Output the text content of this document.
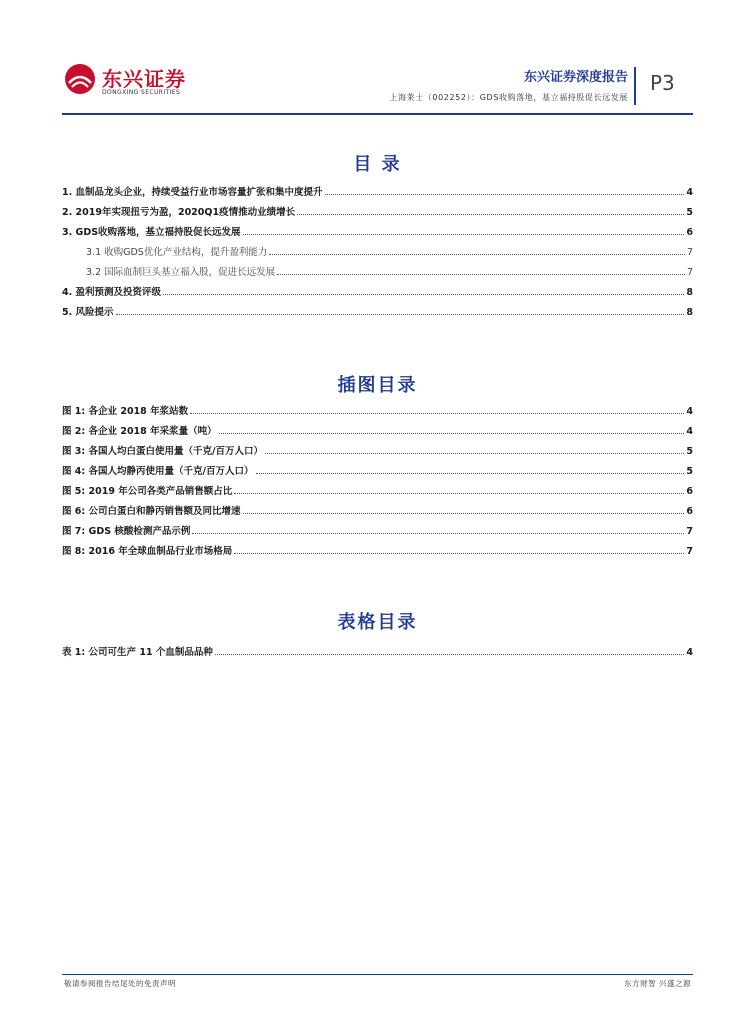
东兴证券
DONGXING SECURITIES
东兴证券深度报告
上海莱士（002252）：GDS收购落地，基立福持股促长远发展
P3
目 录
1. 血制品龙头企业，持续受益行业市场容量扩张和集中度提升	4
2. 2019年实现扭亏为盈，2020Q1疫情推动业绩增长	5
3. GDS收购落地，基立福持股促长远发展	6
3.1 收购GDS优化产业结构，提升盈利能力	7
3.2 国际血制巨头基立福入股，促进长远发展	7
4. 盈利预测及投资评级	8
5. 风险提示	8
插图目录
图 1: 各企业 2018 年浆站数	4
图 2: 各企业 2018 年采浆量（吨）	4
图 3: 各国人均白蛋白使用量（千克/百万人口）	5
图 4: 各国人均静丙使用量（千克/百万人口）	5
图 5: 2019 年公司各类产品销售额占比	6
图 6: 公司白蛋白和静丙销售额及同比增速	6
图 7: GDS 核酸检测产品示例	7
图 8: 2016 年全球血制品行业市场格局	7
表格目录
表 1: 公司可生产 11 个血制品品种	4
敬请参阅报告结尾处的免责声明	东方财智 兴盛之源
